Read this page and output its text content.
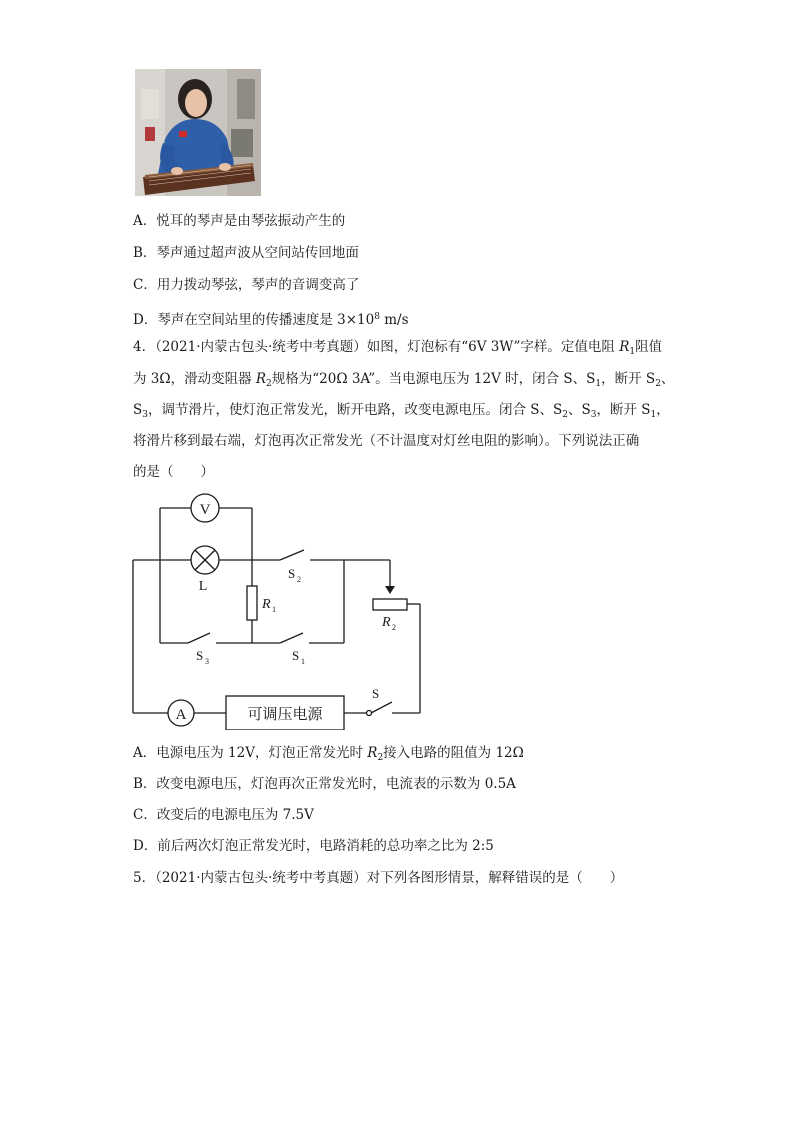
A．悦耳的琴声是由琴弦振动产生的
B．琴声通过超声波从空间站传回地面
C．用力拨动琴弦，琴声的音调变高了
D．琴声在空间站里的传播速度是 $3\times 10^8$ m/s
4．（2021·内蒙古包头·统考中考真题）如图，灯泡标有“6V 3W”字样。定值电阻 $R_1$阻值
为 3Ω，滑动变阻器 $R_2$规格为“20Ω 3A”。当电源电压为 12V 时，闭合 S、$S_1$，断开 $S_2$、
$S_3$，调节滑片，使灯泡正常发光，断开电路，改变电源电压。闭合 S、$S_2$、$S_3$，断开 $S_1$，
将滑片移到最右端，灯泡再次正常发光（不计温度对灯丝电阻的影响）。下列说法正确
的是（　　）
V
L
S 2
R 2
R 1
S 3	S 1
A	可调压电源
S
A．电源电压为 12V，灯泡正常发光时 $R_2$接入电路的阻值为 12Ω
B．改变电源电压，灯泡再次正常发光时，电流表的示数为 0.5A
C．改变后的电源电压为 7.5V
D．前后两次灯泡正常发光时，电路消耗的总功率之比为 2:5
5．（2021·内蒙古包头·统考中考真题）对下列各图形情景，解释错误的是（　　）
